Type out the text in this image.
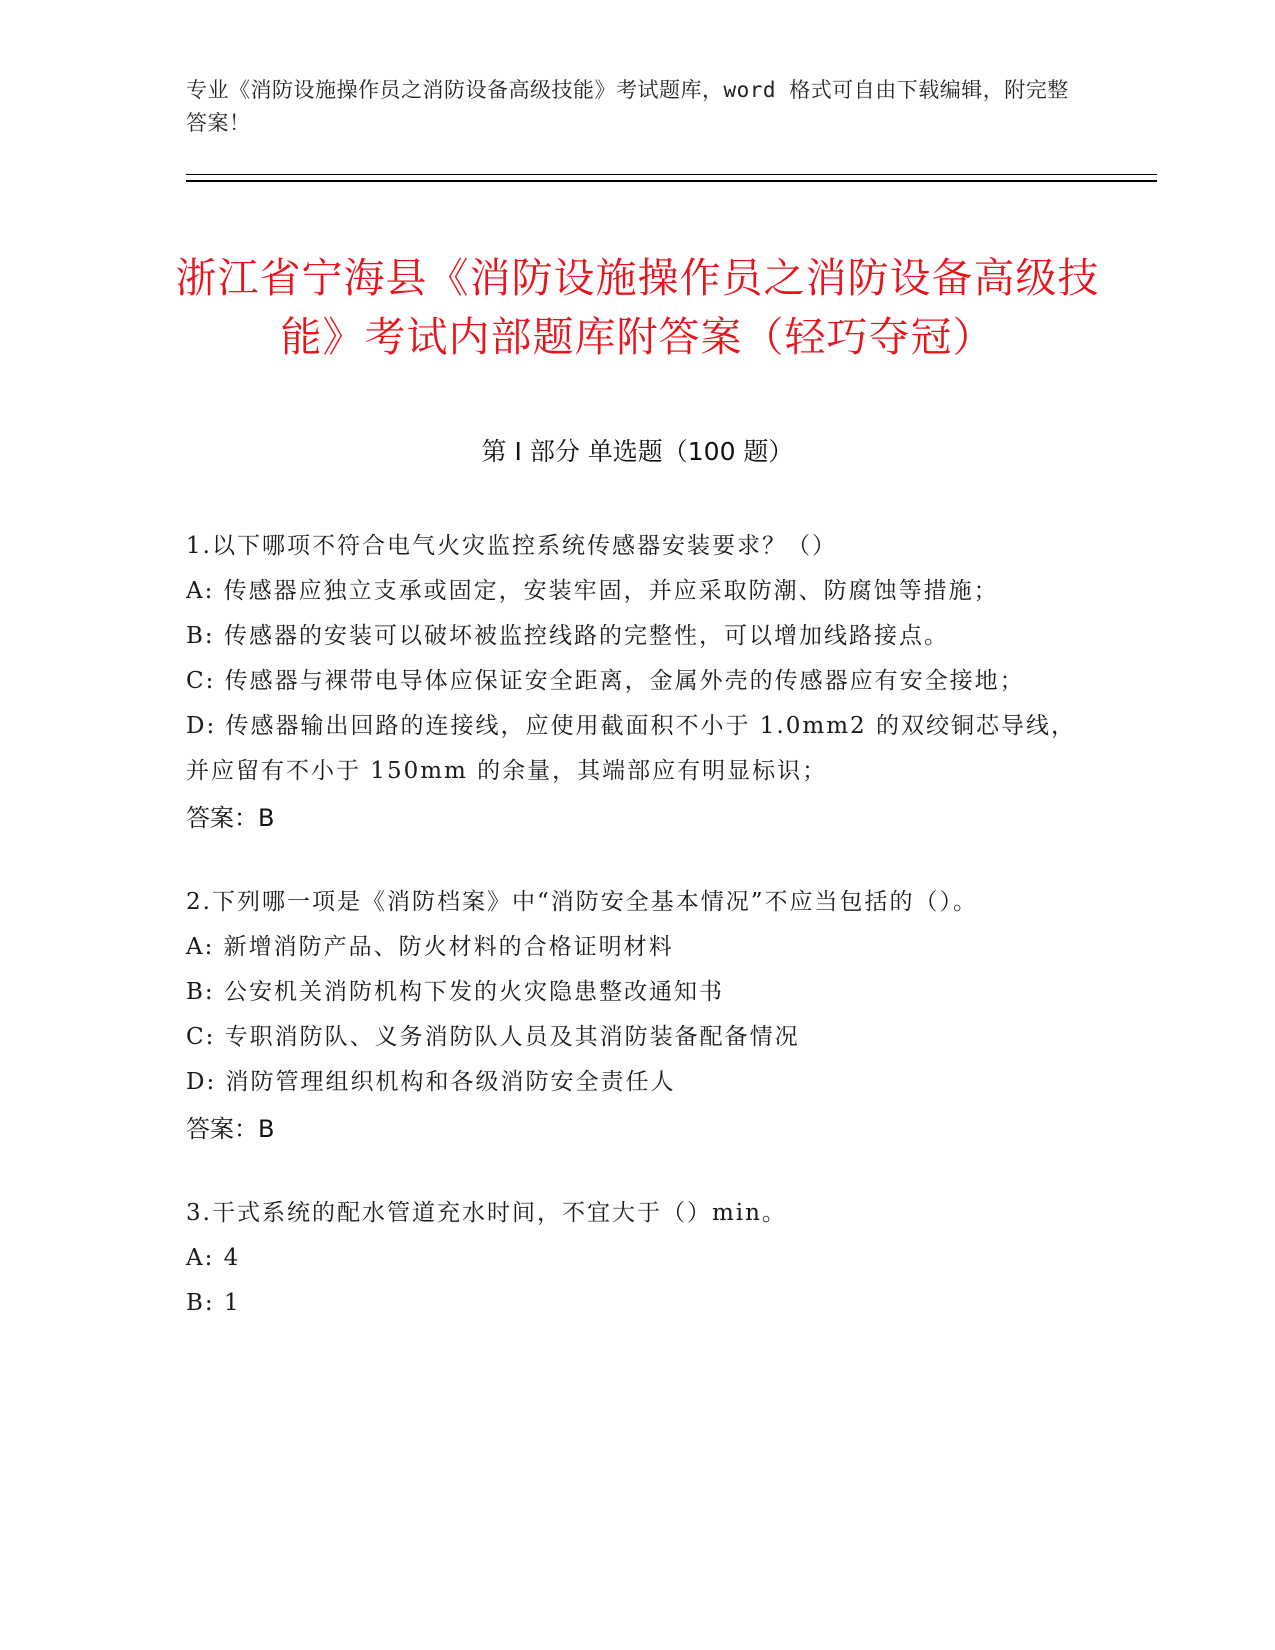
专业《消防设施操作员之消防设备高级技能》考试题库，word 格式可自由下载编辑，附完整答案！
浙江省宁海县《消防设施操作员之消防设备高级技能》考试内部题库附答案（轻巧夺冠）
第 I 部分 单选题（100 题）
1.以下哪项不符合电气火灾监控系统传感器安装要求？（）
A: 传感器应独立支承或固定，安装牢固，并应采取防潮、防腐蚀等措施；
B: 传感器的安装可以破坏被监控线路的完整性，可以增加线路接点。
C: 传感器与裸带电导体应保证安全距离，金属外壳的传感器应有安全接地；
D: 传感器输出回路的连接线，应使用截面积不小于 1.0mm2 的双绞铜芯导线，并应留有不小于 150mm 的余量，其端部应有明显标识；
答案：B
2.下列哪一项是《消防档案》中“消防安全基本情况”不应当包括的（）。
A: 新增消防产品、防火材料的合格证明材料
B: 公安机关消防机构下发的火灾隐患整改通知书
C: 专职消防队、义务消防队人员及其消防装备配备情况
D: 消防管理组织机构和各级消防安全责任人
答案：B
3.干式系统的配水管道充水时间，不宜大于（）min。
A: 4
B: 1
